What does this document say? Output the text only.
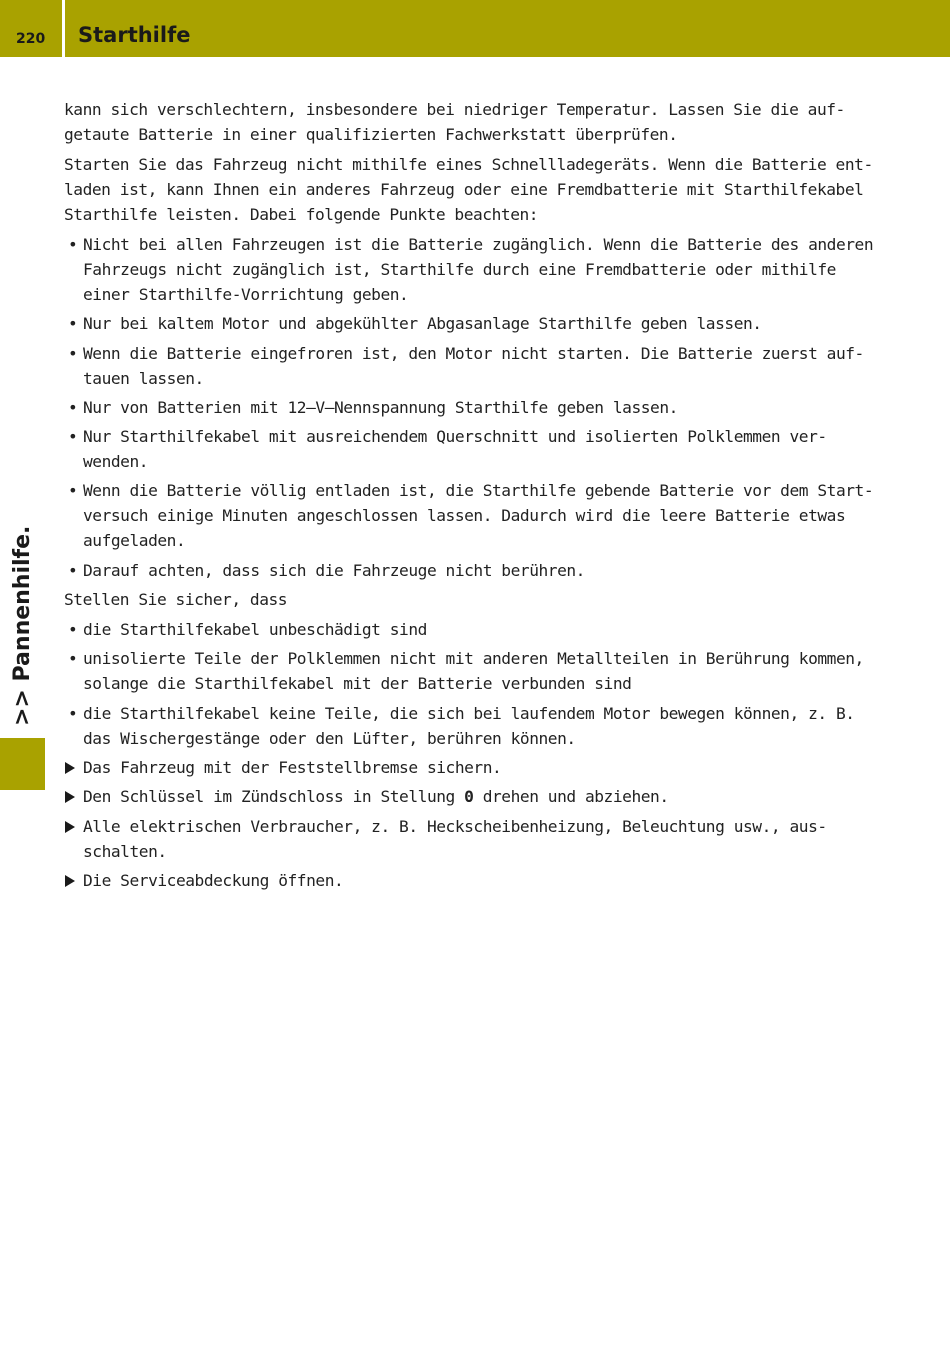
220 Starthilfe
>> Pannenhilfe.

kann sich verschlechtern, insbesondere bei niedriger Temperatur. Lassen Sie die aufgetaute Batterie in einer qualifizierten Fachwerkstatt überprüfen.

Starten Sie das Fahrzeug nicht mithilfe eines Schnellladegeräts. Wenn die Batterie entladen ist, kann Ihnen ein anderes Fahrzeug oder eine Fremdbatterie mit Starthilfekabel Starthilfe leisten. Dabei folgende Punkte beachten:

• Nicht bei allen Fahrzeugen ist die Batterie zugänglich. Wenn die Batterie des anderen Fahrzeugs nicht zugänglich ist, Starthilfe durch eine Fremdbatterie oder mithilfe einer Starthilfe-Vorrichtung geben.
• Nur bei kaltem Motor und abgekühlter Abgasanlage Starthilfe geben lassen.
• Wenn die Batterie eingefroren ist, den Motor nicht starten. Die Batterie zuerst auftauen lassen.
• Nur von Batterien mit 12–V–Nennspannung Starthilfe geben lassen.
• Nur Starthilfekabel mit ausreichendem Querschnitt und isolierten Polklemmen verwenden.
• Wenn die Batterie völlig entladen ist, die Starthilfe gebende Batterie vor dem Startversuch einige Minuten angeschlossen lassen. Dadurch wird die leere Batterie etwas aufgeladen.
• Darauf achten, dass sich die Fahrzeuge nicht berühren.

Stellen Sie sicher, dass

• die Starthilfekabel unbeschädigt sind
• unisolierte Teile der Polklemmen nicht mit anderen Metallteilen in Berührung kommen, solange die Starthilfekabel mit der Batterie verbunden sind
• die Starthilfekabel keine Teile, die sich bei laufendem Motor bewegen können, z. B. das Wischergestänge oder den Lüfter, berühren können.
Das Fahrzeug mit der Feststellbremse sichern.
Den Schlüssel im Zündschloss in Stellung 0 drehen und abziehen.
Alle elektrischen Verbraucher, z. B. Heckscheibenheizung, Beleuchtung usw., ausschalten.
Die Serviceabdeckung öffnen.
